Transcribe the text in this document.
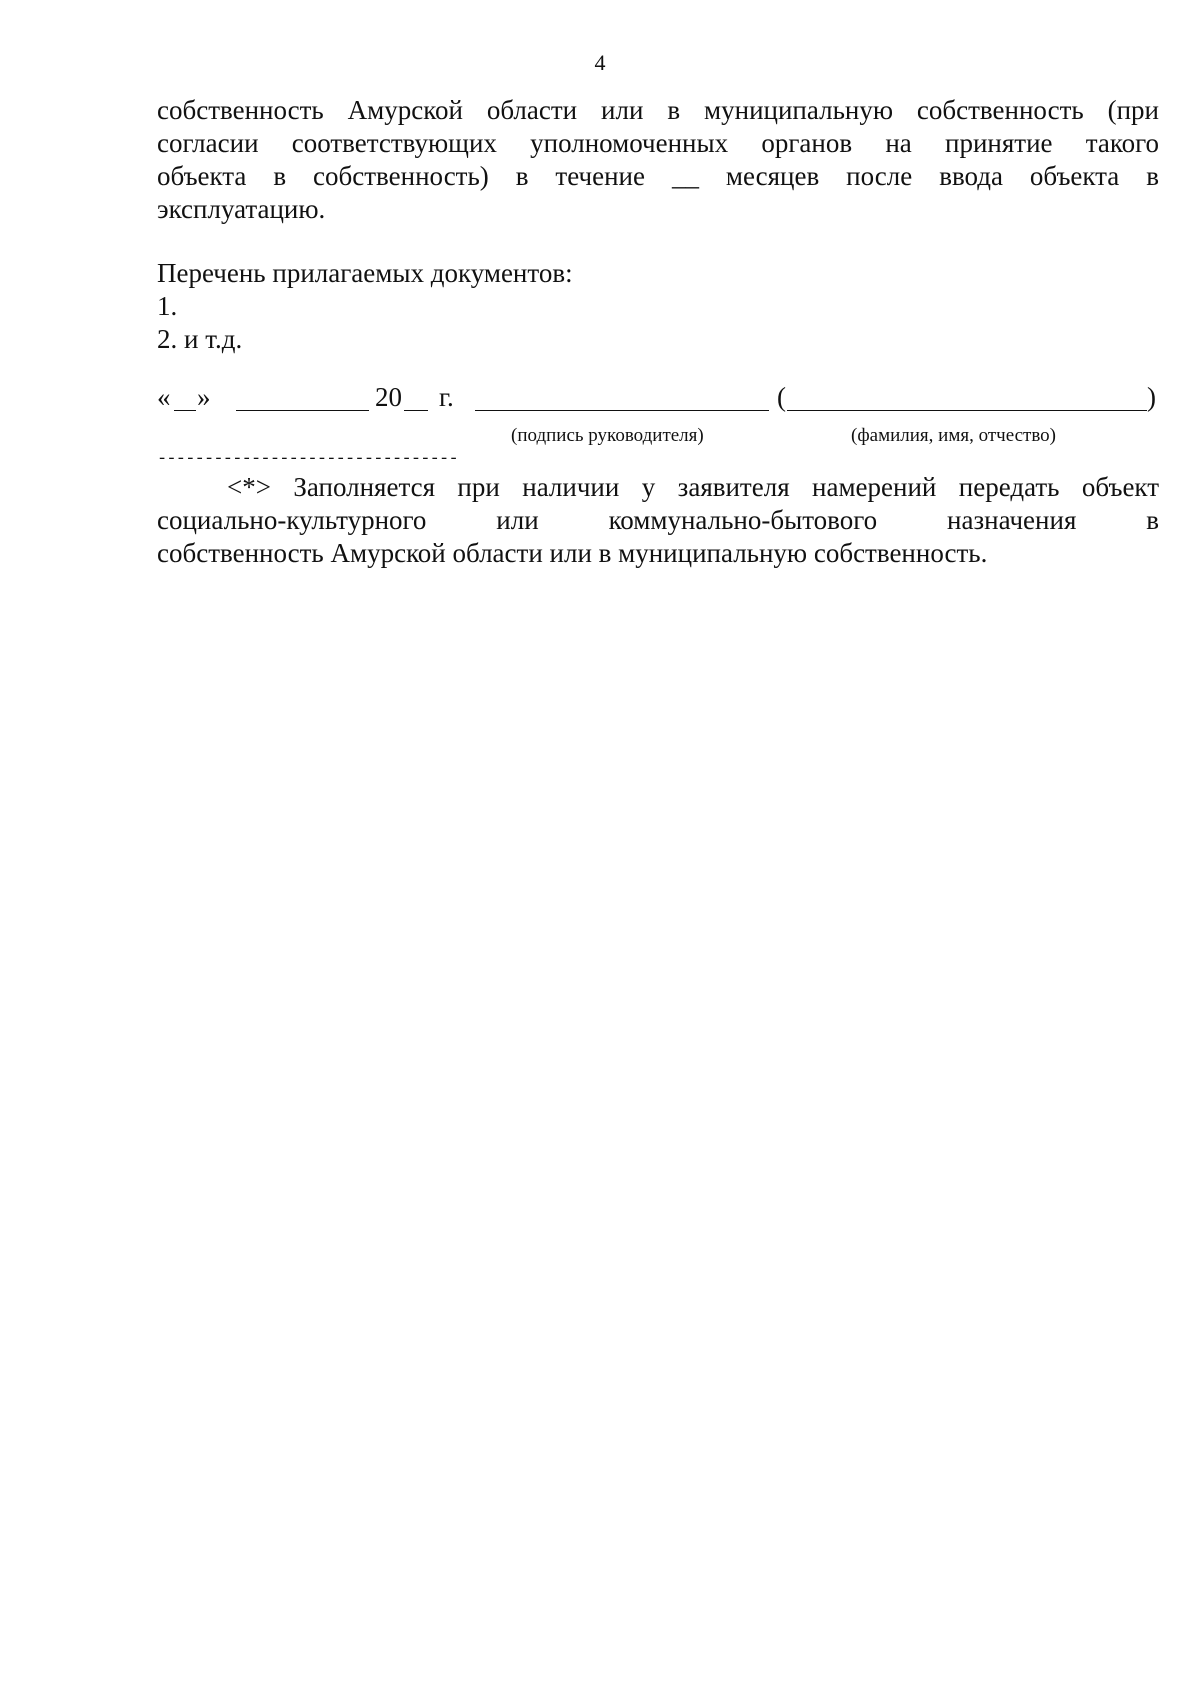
4

собственность Амурской области или в муниципальную собственность (при

согласии соответствующих уполномоченных органов на принятие такого

объекта в собственность) в течение __ месяцев после ввода объекта в

эксплуатацию.

Перечень прилагаемых документов:

1.

2. и т.д.

« »	20 г.	(	)
(подпись руководителя)	(фамилия, имя, отчество)
--------------------------------

<*> Заполняется при наличии у заявителя намерений передать объект

социально-культурного или коммунально-бытового назначения в

собственность Амурской области или в муниципальную собственность.
